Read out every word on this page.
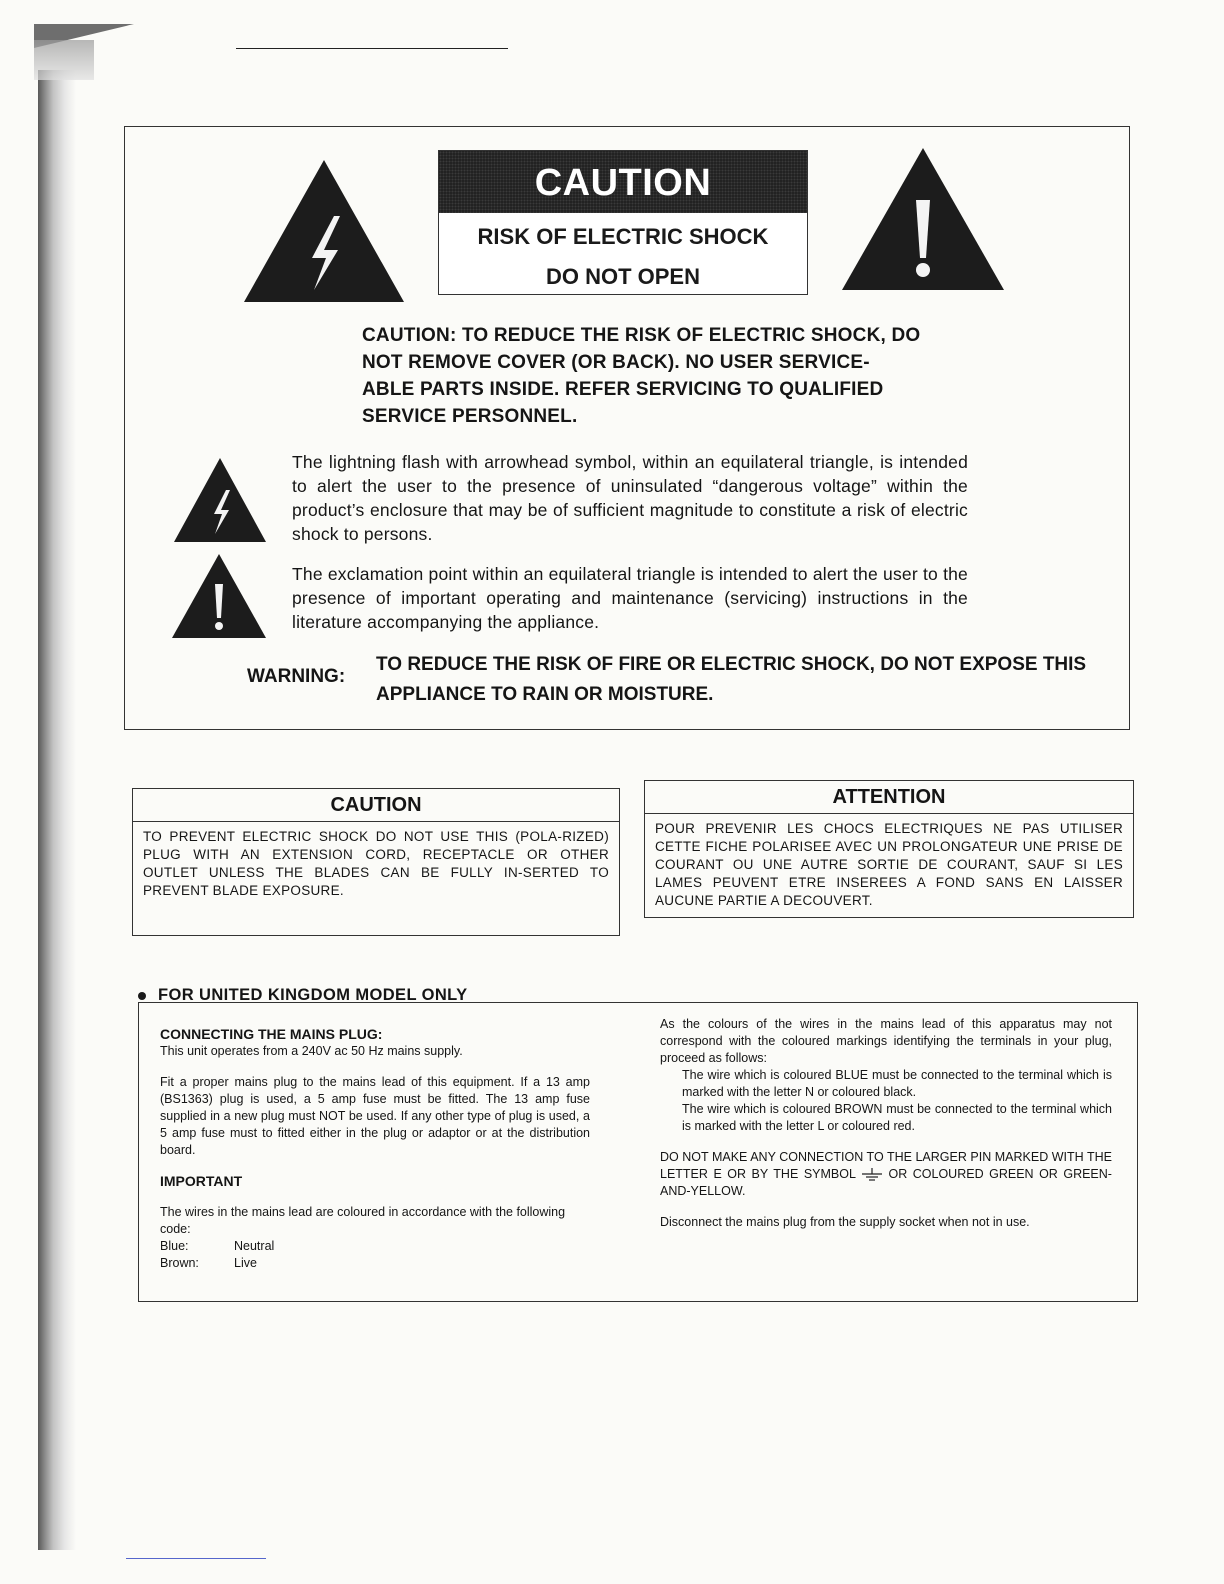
CAUTION
RISK OF ELECTRIC SHOCK
DO NOT OPEN
CAUTION: TO REDUCE THE RISK OF ELECTRIC SHOCK, DO NOT REMOVE COVER (OR BACK). NO USER SERVICE-ABLE PARTS INSIDE. REFER SERVICING TO QUALIFIED SERVICE PERSONNEL.
The lightning flash with arrowhead symbol, within an equilateral triangle, is intended to alert the user to the presence of uninsulated “dangerous voltage” within the product’s enclosure that may be of sufficient magnitude to constitute a risk of electric shock to persons.
The exclamation point within an equilateral triangle is intended to alert the user to the presence of important operating and maintenance (servicing) instructions in the literature accompanying the appliance.
WARNING:
TO REDUCE THE RISK OF FIRE OR ELECTRIC SHOCK, DO NOT EXPOSE THIS APPLIANCE TO RAIN OR MOISTURE.
CAUTION
TO PREVENT ELECTRIC SHOCK DO NOT USE THIS (POLA-RIZED) PLUG WITH AN EXTENSION CORD, RECEPTACLE OR OTHER OUTLET UNLESS THE BLADES CAN BE FULLY IN-SERTED TO PREVENT BLADE EXPOSURE.
ATTENTION
POUR PREVENIR LES CHOCS ELECTRIQUES NE PAS UTILISER CETTE FICHE POLARISEE AVEC UN PROLONGATEUR UNE PRISE DE COURANT OU UNE AUTRE SORTIE DE COURANT, SAUF SI LES LAMES PEUVENT ETRE INSEREES A FOND SANS EN LAISSER AUCUNE PARTIE A DECOUVERT.
FOR UNITED KINGDOM MODEL ONLY
CONNECTING THE MAINS PLUG:
This unit operates from a 240V ac 50 Hz mains supply.
Fit a proper mains plug to the mains lead of this equipment. If a 13 amp (BS1363) plug is used, a 5 amp fuse must be fitted. The 13 amp fuse supplied in a new plug must NOT be used. If any other type of plug is used, a 5 amp fuse must to fitted either in the plug or adaptor or at the distribution board.
IMPORTANT
The wires in the mains lead are coloured in accordance with the following code:
Blue:	Neutral
Brown:	Live
As the colours of the wires in the mains lead of this apparatus may not correspond with the coloured markings identifying the terminals in your plug, proceed as follows:
The wire which is coloured BLUE must be connected to the terminal which is marked with the letter N or coloured black.
The wire which is coloured BROWN must be connected to the terminal which is marked with the letter L or coloured red.
DO NOT MAKE ANY CONNECTION TO THE LARGER PIN MARKED WITH THE LETTER E OR BY THE SYMBOL	OR COLOURED GREEN OR GREEN-AND-YELLOW.
Disconnect the mains plug from the supply socket when not in use.
